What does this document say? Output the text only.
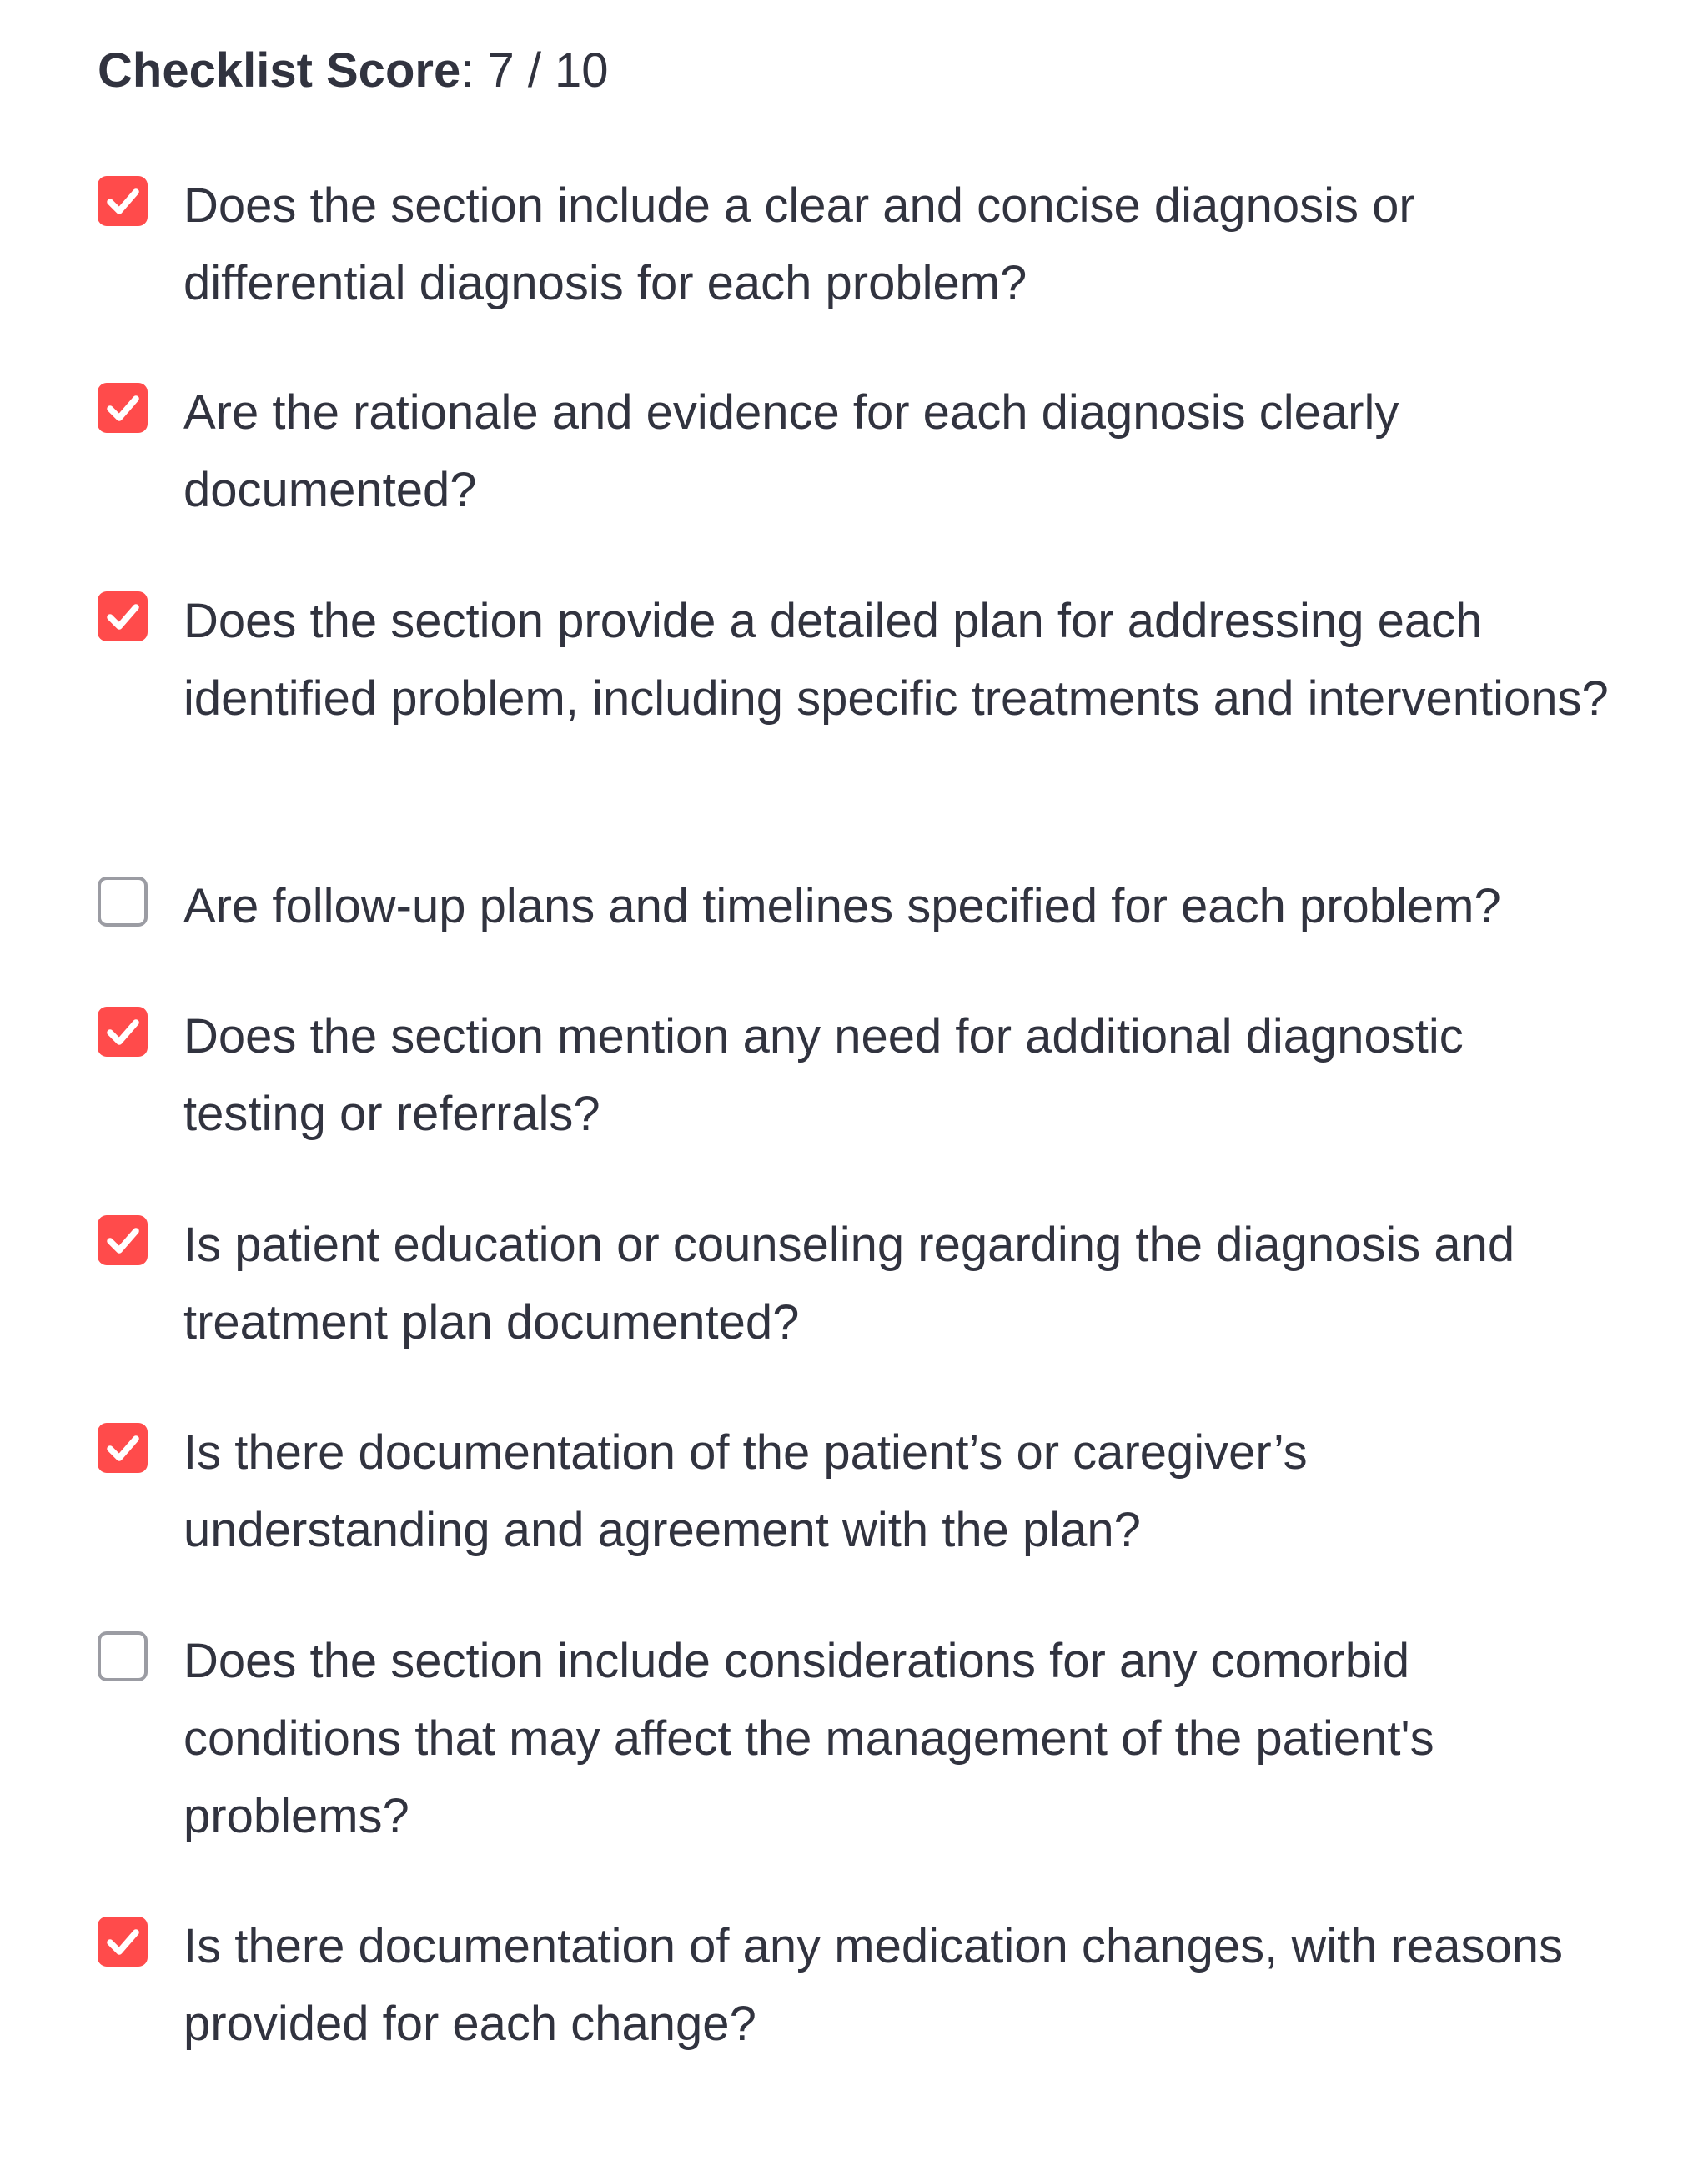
Checklist Score: 7 / 10
Does the section include a clear and concise diagnosis or differential diagnosis for each problem?
Are the rationale and evidence for each diagnosis clearly documented?
Does the section provide a detailed plan for addressing each identified problem, including specific treatments and interventions?
Are follow-up plans and timelines specified for each problem?
Does the section mention any need for additional diagnostic testing or referrals?
Is patient education or counseling regarding the diagnosis and treatment plan documented?
Is there documentation of the patient’s or caregiver’s understanding and agreement with the plan?
Does the section include considerations for any comorbid conditions that may affect the management of the patient's problems?
Is there documentation of any medication changes, with reasons provided for each change?
